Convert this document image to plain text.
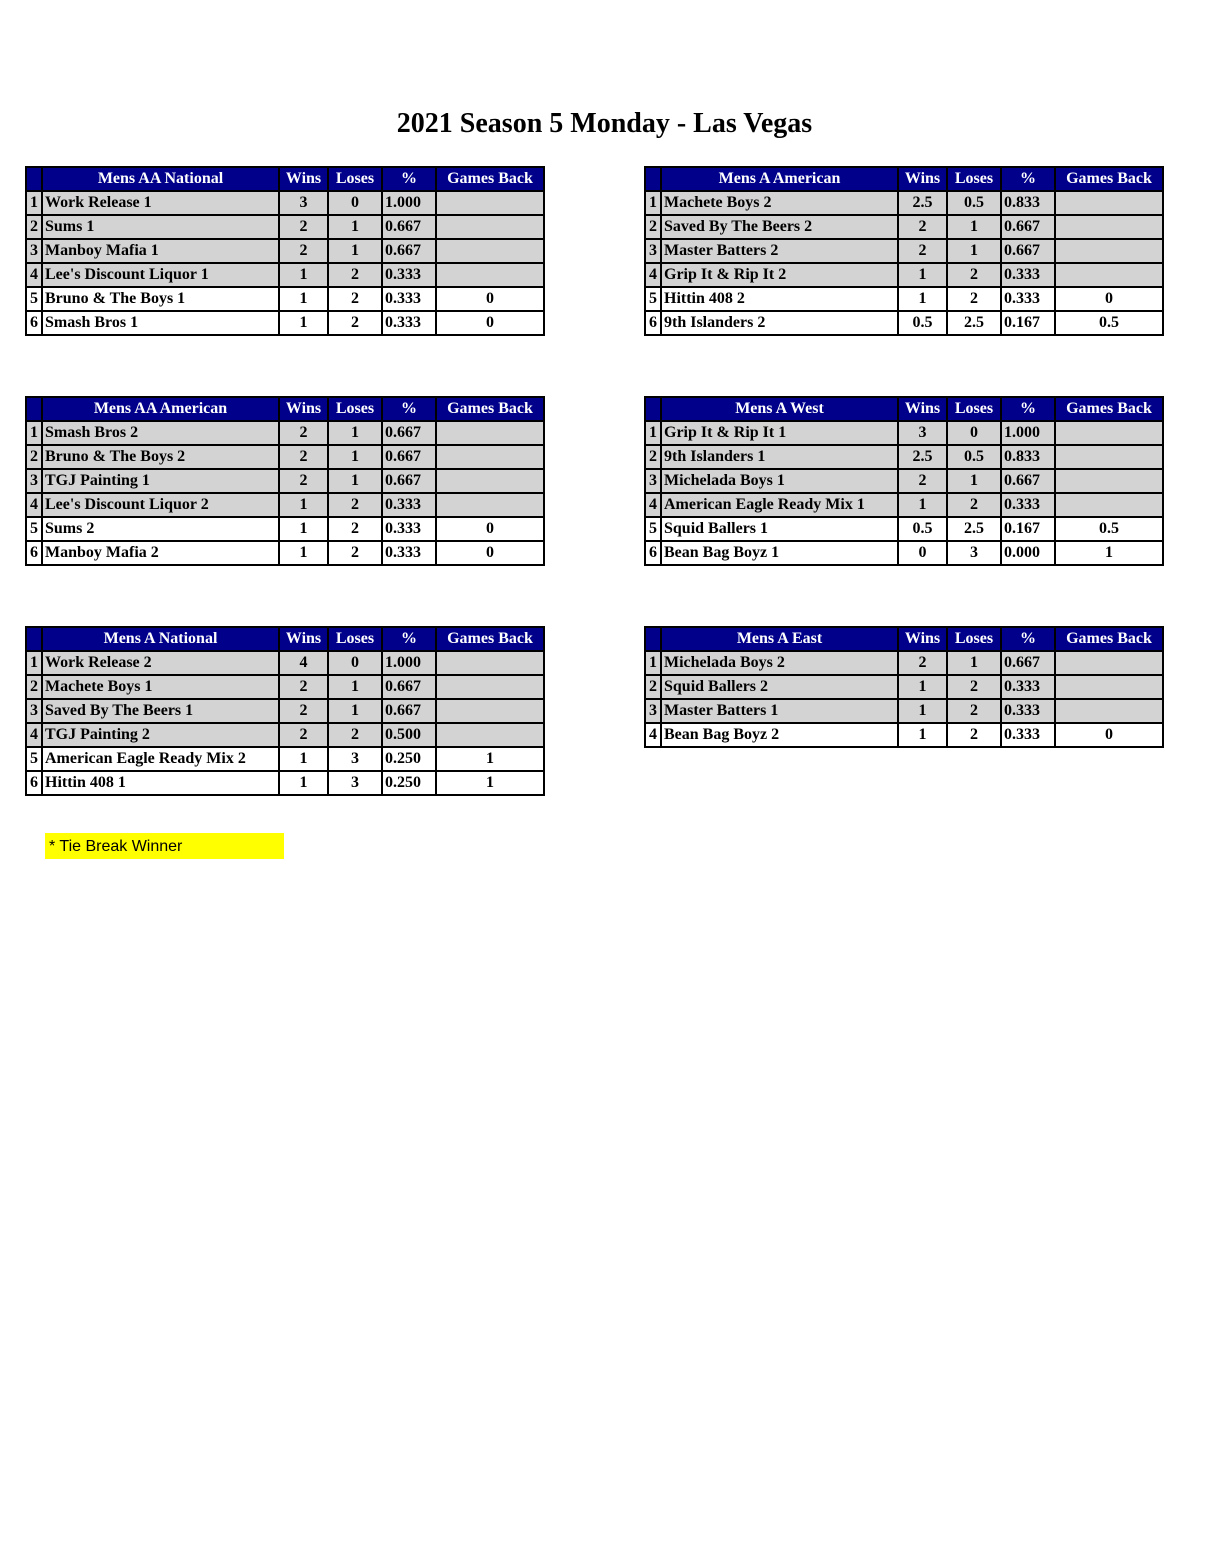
2021 Season 5 Monday - Las Vegas
	Mens AA National	Wins	Loses	%	Games Back
1	Work Release 1	3	0	1.000	
2	Sums 1	2	1	0.667	
3	Manboy Mafia 1	2	1	0.667	
4	Lee's Discount Liquor 1	1	2	0.333	
5	Bruno & The Boys 1	1	2	0.333	0
6	Smash Bros 1	1	2	0.333	0
	Mens A American	Wins	Loses	%	Games Back
1	Machete Boys 2	2.5	0.5	0.833	
2	Saved By The Beers 2	2	1	0.667	
3	Master Batters 2	2	1	0.667	
4	Grip It & Rip It 2	1	2	0.333	
5	Hittin 408 2	1	2	0.333	0
6	9th Islanders 2	0.5	2.5	0.167	0.5
	Mens AA American	Wins	Loses	%	Games Back
1	Smash Bros 2	2	1	0.667	
2	Bruno & The Boys 2	2	1	0.667	
3	TGJ Painting 1	2	1	0.667	
4	Lee's Discount Liquor 2	1	2	0.333	
5	Sums 2	1	2	0.333	0
6	Manboy Mafia 2	1	2	0.333	0
	Mens A West	Wins	Loses	%	Games Back
1	Grip It & Rip It 1	3	0	1.000	
2	9th Islanders 1	2.5	0.5	0.833	
3	Michelada Boys 1	2	1	0.667	
4	American Eagle Ready Mix 1	1	2	0.333	
5	Squid Ballers 1	0.5	2.5	0.167	0.5
6	Bean Bag Boyz 1	0	3	0.000	1
	Mens A National	Wins	Loses	%	Games Back
1	Work Release 2	4	0	1.000	
2	Machete Boys 1	2	1	0.667	
3	Saved By The Beers 1	2	1	0.667	
4	TGJ Painting 2	2	2	0.500	
5	American Eagle Ready Mix 2	1	3	0.250	1
6	Hittin 408 1	1	3	0.250	1
	Mens A East	Wins	Loses	%	Games Back
1	Michelada Boys 2	2	1	0.667	
2	Squid Ballers 2	1	2	0.333	
3	Master Batters 1	1	2	0.333	
4	Bean Bag Boyz 2	1	2	0.333	0
* Tie Break Winner
